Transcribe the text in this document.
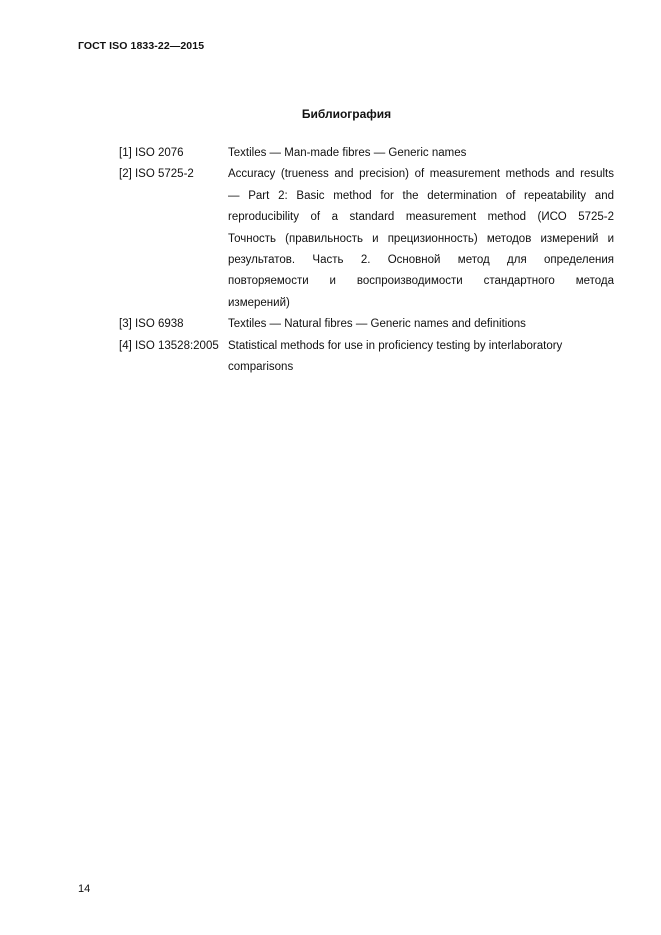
ГОСТ ISO 1833-22—2015
Библиография
[1] ISO 2076	Textiles — Man-made fibres — Generic names
[2] ISO 5725-2	Accuracy (trueness and precision) of measurement methods and results
— Part 2: Basic method for the determination of repeatability and
reproducibility of a standard measurement method (ИСО 5725-2
Точность (правильность и прецизионность) методов измерений и
результатов. Часть 2. Основной метод для определения
повторяемости и воспроизводимости стандартного метода
измерений)
[3] ISO 6938	Textiles — Natural fibres — Generic names and definitions
[4] ISO 13528:2005 Statistical methods for use in proficiency testing by interlaboratory
comparisons
14
